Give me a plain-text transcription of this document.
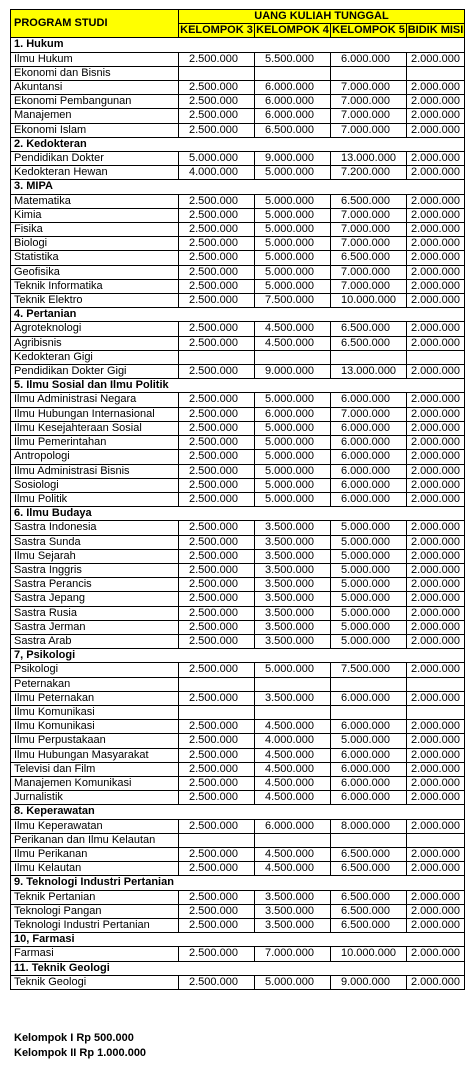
PROGRAM STUDI	UANG KULIAH TUNGGAL			
	KELOMPOK 3	KELOMPOK 4	KELOMPOK 5	BIDIK MISI
1. Hukum				
Ilmu Hukum	2.500.000	5.500.000	6.000.000	2.000.000
Ekonomi dan Bisnis				
Akuntansi	2.500.000	6.000.000	7.000.000	2.000.000
Ekonomi Pembangunan	2.500.000	6.000.000	7.000.000	2.000.000
Manajemen	2.500.000	6.000.000	7.000.000	2.000.000
Ekonomi Islam	2.500.000	6.500.000	7.000.000	2.000.000
2. Kedokteran				
Pendidikan Dokter	5.000.000	9.000.000	13.000.000	2.000.000
Kedokteran Hewan	4.000.000	5.000.000	7.200.000	2.000.000
3. MIPA				
Matematika	2.500.000	5.000.000	6.500.000	2.000.000
Kimia	2.500.000	5.000.000	7.000.000	2.000.000
Fisika	2.500.000	5.000.000	7.000.000	2.000.000
Biologi	2.500.000	5.000.000	7.000.000	2.000.000
Statistika	2.500.000	5.000.000	6.500.000	2.000.000
Geofisika	2.500.000	5.000.000	7.000.000	2.000.000
Teknik Informatika	2.500.000	5.000.000	7.000.000	2.000.000
Teknik Elektro	2.500.000	7.500.000	10.000.000	2.000.000
4. Pertanian				
Agroteknologi	2.500.000	4.500.000	6.500.000	2.000.000
Agribisnis	2.500.000	4.500.000	6.500.000	2.000.000
Kedokteran Gigi				
Pendidikan Dokter Gigi	2.500.000	9.000.000	13.000.000	2.000.000
5. Ilmu Sosial dan Ilmu Politik				
Ilmu Administrasi Negara	2.500.000	5.000.000	6.000.000	2.000.000
Ilmu Hubungan Internasional	2.500.000	6.000.000	7.000.000	2.000.000
Ilmu Kesejahteraan Sosial	2.500.000	5.000.000	6.000.000	2.000.000
Ilmu Pemerintahan	2.500.000	5.000.000	6.000.000	2.000.000
Antropologi	2.500.000	5.000.000	6.000.000	2.000.000
Ilmu Administrasi Bisnis	2.500.000	5.000.000	6.000.000	2.000.000
Sosiologi	2.500.000	5.000.000	6.000.000	2.000.000
Ilmu Politik	2.500.000	5.000.000	6.000.000	2.000.000
6. Ilmu Budaya				
Sastra Indonesia	2.500.000	3.500.000	5.000.000	2.000.000
Sastra Sunda	2.500.000	3.500.000	5.000.000	2.000.000
Ilmu Sejarah	2.500.000	3.500.000	5.000.000	2.000.000
Sastra Inggris	2.500.000	3.500.000	5.000.000	2.000.000
Sastra Perancis	2.500.000	3.500.000	5.000.000	2.000.000
Sastra Jepang	2.500.000	3.500.000	5.000.000	2.000.000
Sastra Rusia	2.500.000	3.500.000	5.000.000	2.000.000
Sastra Jerman	2.500.000	3.500.000	5.000.000	2.000.000
Sastra Arab	2.500.000	3.500.000	5.000.000	2.000.000
7, Psikologi				
Psikologi	2.500.000	5.000.000	7.500.000	2.000.000
Peternakan				
Ilmu Peternakan	2.500.000	3.500.000	6.000.000	2.000.000
Ilmu Komunikasi				
Ilmu Komunikasi	2.500.000	4.500.000	6.000.000	2.000.000
Ilmu Perpustakaan	2.500.000	4.000.000	5.000.000	2.000.000
Ilmu Hubungan Masyarakat	2.500.000	4.500.000	6.000.000	2.000.000
Televisi dan Film	2.500.000	4.500.000	6.000.000	2.000.000
Manajemen Komunikasi	2.500.000	4.500.000	6.000.000	2.000.000
Jurnalistik	2.500.000	4.500.000	6.000.000	2.000.000
8. Keperawatan				
Ilmu Keperawatan	2.500.000	6.000.000	8.000.000	2.000.000
Perikanan dan Ilmu Kelautan				
Ilmu Perikanan	2.500.000	4.500.000	6.500.000	2.000.000
Ilmu Kelautan	2.500.000	4.500.000	6.500.000	2.000.000
9. Teknologi Industri Pertanian				
Teknik Pertanian	2.500.000	3.500.000	6.500.000	2.000.000
Teknologi Pangan	2.500.000	3.500.000	6.500.000	2.000.000
Teknologi Industri Pertanian	2.500.000	3.500.000	6.500.000	2.000.000
10, Farmasi				
Farmasi	2.500.000	7.000.000	10.000.000	2.000.000
11. Teknik Geologi				
Teknik Geologi	2.500.000	5.000.000	9.000.000	2.000.000
Kelompok I Rp 500.000
Kelompok II Rp 1.000.000
